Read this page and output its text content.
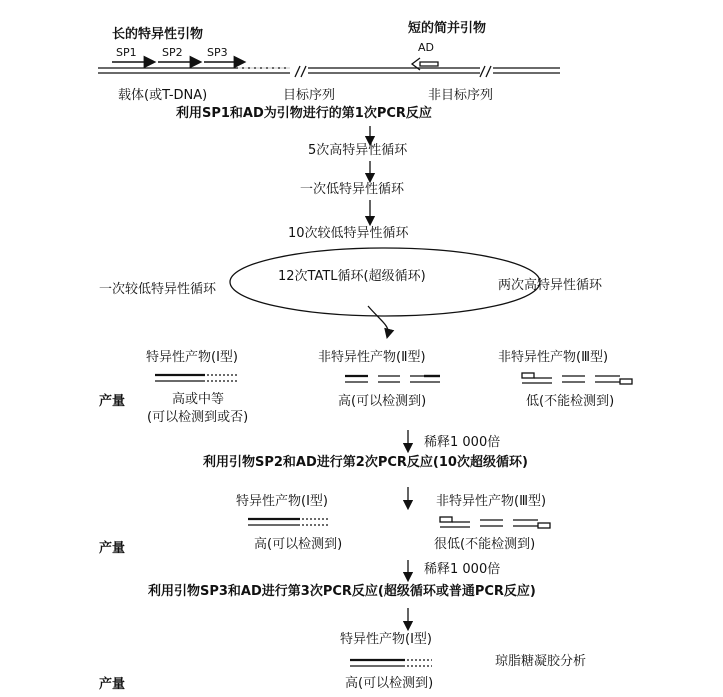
长的特异性引物
SP1 SP2 SP3
短的简并引物
AD
载体(或T-DNA)	目标序列	非目标序列
利用SP1和AD为引物进行的第1次PCR反应
5次高特异性循环
一次低特异性循环
10次较低特异性循环
一次较低特异性循环
12次TATL循环(超级循环)
两次高特异性循环
特异性产物(Ⅰ型)	非特异性产物(Ⅱ型)	非特异性产物(Ⅲ型)
产量	高或中等
(可以检测到或否)
高(可以检测到)	低(不能检测到)
稀释1 000倍
利用引物SP2和AD进行第2次PCR反应(10次超级循环)
特异性产物(Ⅰ型)	非特异性产物(Ⅲ型)
产量	高(可以检测到)	很低(不能检测到)
稀释1 000倍
利用引物SP3和AD进行第3次PCR反应(超级循环或普通PCR反应)
特异性产物(Ⅰ型)
琼脂糖凝胶分析
产量	高(可以检测到)
